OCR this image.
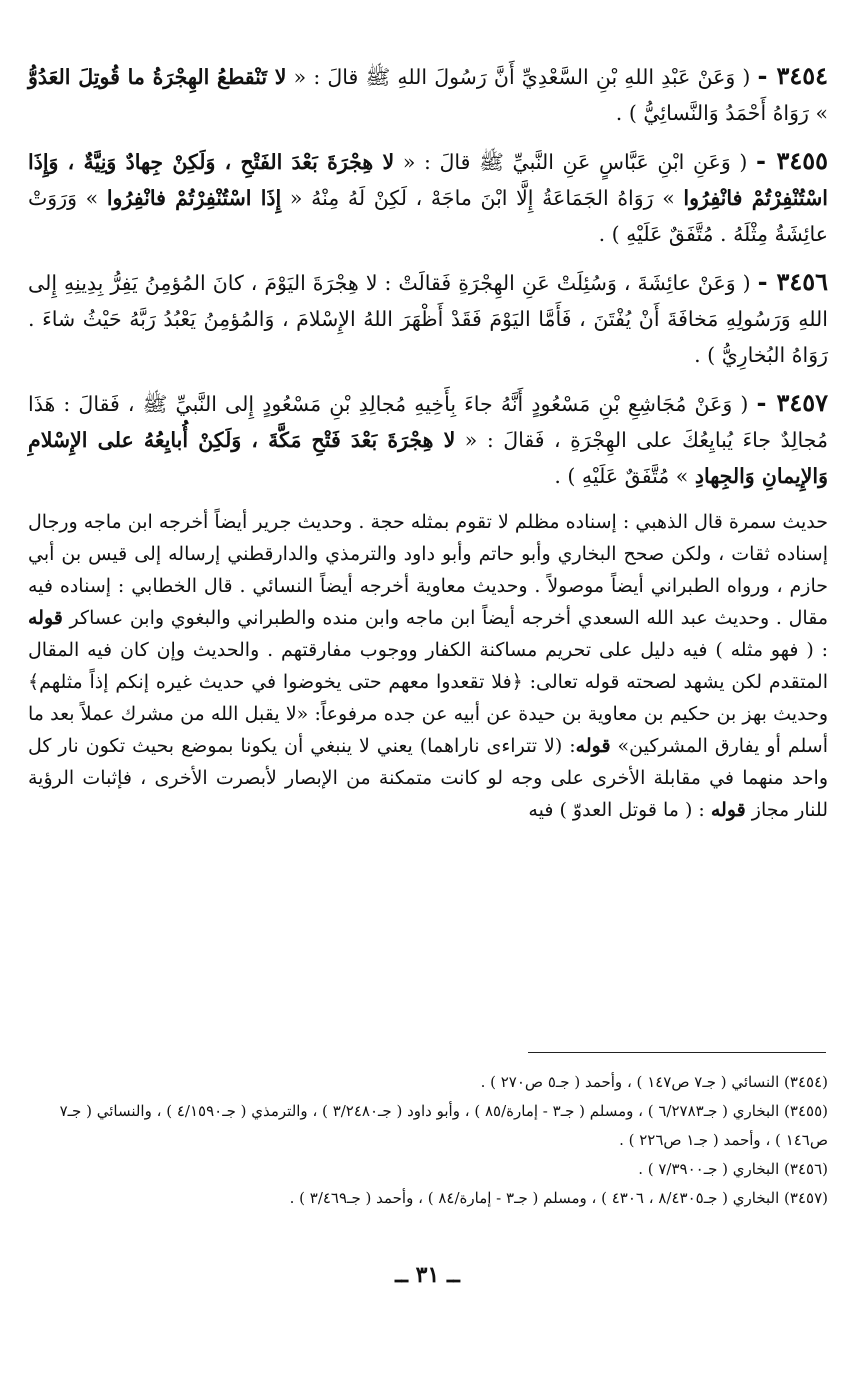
٣٤٥٤ - ( وَعَنْ عَبْدِ اللهِ بْنِ السَّعْدِيِّ أَنَّ رَسُولَ اللهِ ﷺ قالَ : « لا تَنْقطعُ الهِجْرَةُ ما قُوتِلَ العَدُوُّ » رَوَاهُ أَحْمَدُ وَالنَّسائِيُّ ) .
٣٤٥٥ - ( وَعَنِ ابْنِ عَبَّاسٍ عَنِ النَّبيِّ ﷺ قالَ : « لا هِجْرَةَ بَعْدَ الفَتْحِ ، وَلَكِنْ جِهادٌ وَنِيَّةٌ ، وَإِذَا اسْتُنْفِرْتُمْ فانْفِرُوا » رَوَاهُ الجَمَاعَةُ إِلَّا ابْنَ ماجَهْ ، لَكِنْ لَهُ مِنْهُ « إِذَا اسْتُنْفِرْتُمْ فانْفِرُوا » وَرَوَتْ عائِشَةُ مِثْلَهُ . مُتَّفَقٌ عَلَيْهِ ) .
٣٤٥٦ - ( وَعَنْ عائِشَةَ ، وَسُئِلَتْ عَنِ الهِجْرَةِ فَقالَتْ : لا هِجْرَةَ اليَوْمَ ، كانَ المُؤمِنُ يَفِرُّ بِدِينِهِ إِلى اللهِ وَرَسُولِهِ مَخافَةَ أَنْ يُفْتَنَ ، فَأَمَّا اليَوْمَ فَقَدْ أَظْهَرَ اللهُ الإِسْلامَ ، وَالمُؤمِنُ يَعْبُدُ رَبَّهُ حَيْثُ شاءَ . رَوَاهُ البُخارِيُّ ) .
٣٤٥٧ - ( وَعَنْ مُجَاشِعِ بْنِ مَسْعُودٍ أَنَّهُ جاءَ بِأَخِيهِ مُجالِدِ بْنِ مَسْعُودٍ إِلى النَّبيِّ ﷺ ، فَقالَ : هَذَا مُجالِدٌ جاءَ يُبايِعُكَ على الهِجْرَةِ ، فَقالَ : « لا هِجْرَةَ بَعْدَ فَتْحِ مَكَّةَ ، وَلَكِنْ أُبايِعُهُ على الإِسْلامِ وَالإِيمانِ وَالجِهادِ » مُتَّفَقٌ عَلَيْهِ ) .
حديث سمرة قال الذهبي : إسناده مظلم لا تقوم بمثله حجة . وحديث جرير أيضاً أخرجه ابن ماجه ورجال إسناده ثقات ، ولكن صحح البخاري وأبو حاتم وأبو داود والترمذي والدارقطني إرساله إلى قيس بن أبي حازم ، ورواه الطبراني أيضاً موصولاً . وحديث معاوية أخرجه أيضاً النسائي . قال الخطابي : إسناده فيه مقال . وحديث عبد الله السعدي أخرجه أيضاً ابن ماجه وابن منده والطبراني والبغوي وابن عساكر قوله : ( فهو مثله ) فيه دليل على تحريم مساكنة الكفار ووجوب مفارقتهم . والحديث وإن كان فيه المقال المتقدم لكن يشهد لصحته قوله تعالى: ﴿فلا تقعدوا معهم حتى يخوضوا في حديث غيره إنكم إذاً مثلهم﴾ وحديث بهز بن حكيم بن معاوية بن حيدة عن أبيه عن جده مرفوعاً: «لا يقبل الله من مشرك عملاً بعد ما أسلم أو يفارق المشركين» قوله: (لا تتراءى ناراهما) يعني لا ينبغي أن يكونا بموضع بحيث تكون نار كل واحد منهما في مقابلة الأخرى على وجه لو كانت متمكنة من الإبصار لأبصرت الأخرى ، فإثبات الرؤية للنار مجاز قوله : ( ما قوتل العدوّ ) فيه
(٣٤٥٤) النسائي ( جـ٧ ص١٤٧ ) ، وأحمد ( جـ٥ ص٢٧٠ ) .
(٣٤٥٥) البخاري ( جـ٦/٢٧٨٣ ) ، ومسلم ( جـ٣ - إمارة/٨٥ ) ، وأبو داود ( جـ٣/٢٤٨٠ ) ، والترمذي ( جـ٤/١٥٩٠ ) ، والنسائي ( جـ٧ ص١٤٦ ) ، وأحمد ( جـ١ ص٢٢٦ ) .
(٣٤٥٦) البخاري ( جـ٧/٣٩٠٠ ) .
(٣٤٥٧) البخاري ( جـ٨/٤٣٠٥ ، ٤٣٠٦ ) ، ومسلم ( جـ٣ - إمارة/٨٤ ) ، وأحمد ( جـ٣/٤٦٩ ) .
ــ ٣١ ــ
